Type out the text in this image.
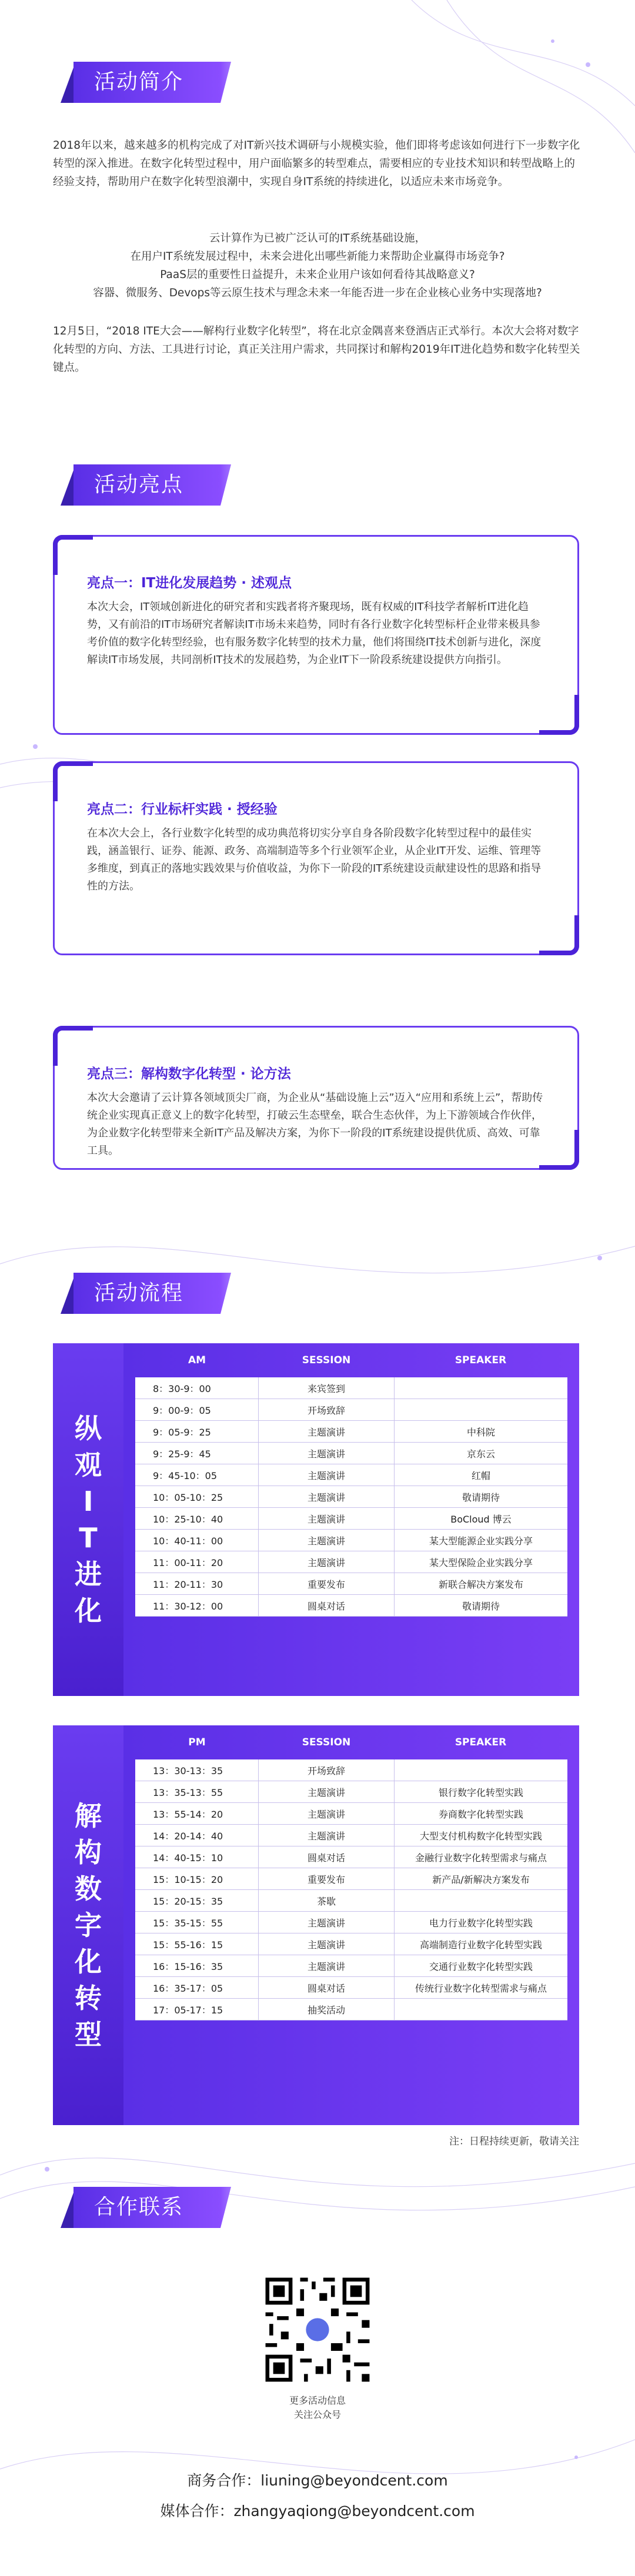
活动简介
2018年以来，越来越多的机构完成了对IT新兴技术调研与小规模实验，他们即将考虑该如何进行下一步数字化转型的深入推进。在数字化转型过程中，用户面临繁多的转型难点，需要相应的专业技术知识和转型战略上的经验支持，帮助用户在数字化转型浪潮中，实现自身IT系统的持续进化，以适应未来市场竞争。
云计算作为已被广泛认可的IT系统基础设施，
在用户IT系统发展过程中，未来会进化出哪些新能力来帮助企业赢得市场竞争?
PaaS层的重要性日益提升，未来企业用户该如何看待其战略意义?
容器、微服务、Devops等云原生技术与理念未来一年能否进一步在企业核心业务中实现落地?
12月5日，“2018 ITE大会——解构行业数字化转型”，将在北京金隅喜来登酒店正式举行。本次大会将对数字化转型的方向、方法、工具进行讨论，真正关注用户需求，共同探讨和解构2019年IT进化趋势和数字化转型关键点。
活动亮点
亮点一：IT进化发展趋势 · 述观点

本次大会，IT领域创新进化的研究者和实践者将齐聚现场，既有权威的IT科技学者解析IT进化趋势，又有前沿的IT市场研究者解读IT市场未来趋势，同时有各行业数字化转型标杆企业带来极具参考价值的数字化转型经验，也有服务数字化转型的技术力量，他们将围绕IT技术创新与进化，深度解读IT市场发展，共同剖析IT技术的发展趋势，为企业IT下一阶段系统建设提供方向指引。

亮点二：行业标杆实践 · 授经验

在本次大会上，各行业数字化转型的成功典范将切实分享自身各阶段数字化转型过程中的最佳实践，涵盖银行、证券、能源、政务、高端制造等多个行业领军企业，从企业IT开发、运维、管理等多维度，到真正的落地实践效果与价值收益，为你下一阶段的IT系统建设贡献建设性的思路和指导性的方法。

亮点三：解构数字化转型 · 论方法

本次大会邀请了云计算各领域顶尖厂商，为企业从“基础设施上云”迈入“应用和系统上云”，帮助传统企业实现真正意义上的数字化转型，打破云生态壁垒，联合生态伙伴，为上下游领域合作伙伴，为企业数字化转型带来全新IT产品及解决方案，为你下一阶段的IT系统建设提供优质、高效、可靠工具。

活动流程
纵
观
I
T
进
化
AM	SESSION	SPEAKER
8：30-9：00	来宾签到
9：00-9：05	开场致辞
9：05-9：25	主题演讲	中科院
9：25-9：45	主题演讲	京东云
9：45-10：05	主题演讲	红帽
10：05-10：25	主题演讲	敬请期待
10：25-10：40	主题演讲	BoCloud 博云
10：40-11：00	主题演讲	某大型能源企业实践分享
11：00-11：20	主题演讲	某大型保险企业实践分享
11：20-11：30	重要发布	新联合解决方案发布
11：30-12：00	圆桌对话	敬请期待
解
构
数
字
化
转
型
PM	SESSION	SPEAKER
13：30-13：35	开场致辞
13：35-13：55	主题演讲	银行数字化转型实践
13：55-14：20	主题演讲	券商数字化转型实践
14：20-14：40	主题演讲	大型支付机构数字化转型实践
14：40-15：10	圆桌对话	金融行业数字化转型需求与痛点
15：10-15：20	重要发布	新产品/新解决方案发布
15：20-15：35	茶歇
15：35-15：55	主题演讲	电力行业数字化转型实践
15：55-16：15	主题演讲	高端制造行业数字化转型实践
16：15-16：35	主题演讲	交通行业数字化转型实践
16：35-17：05	圆桌对话	传统行业数字化转型需求与痛点
17：05-17：15	抽奖活动
注：日程持续更新，敬请关注
合作联系
更多活动信息
关注公众号
商务合作：liuning@beyondcent.com
媒体合作：zhangyaqiong@beyondcent.com
